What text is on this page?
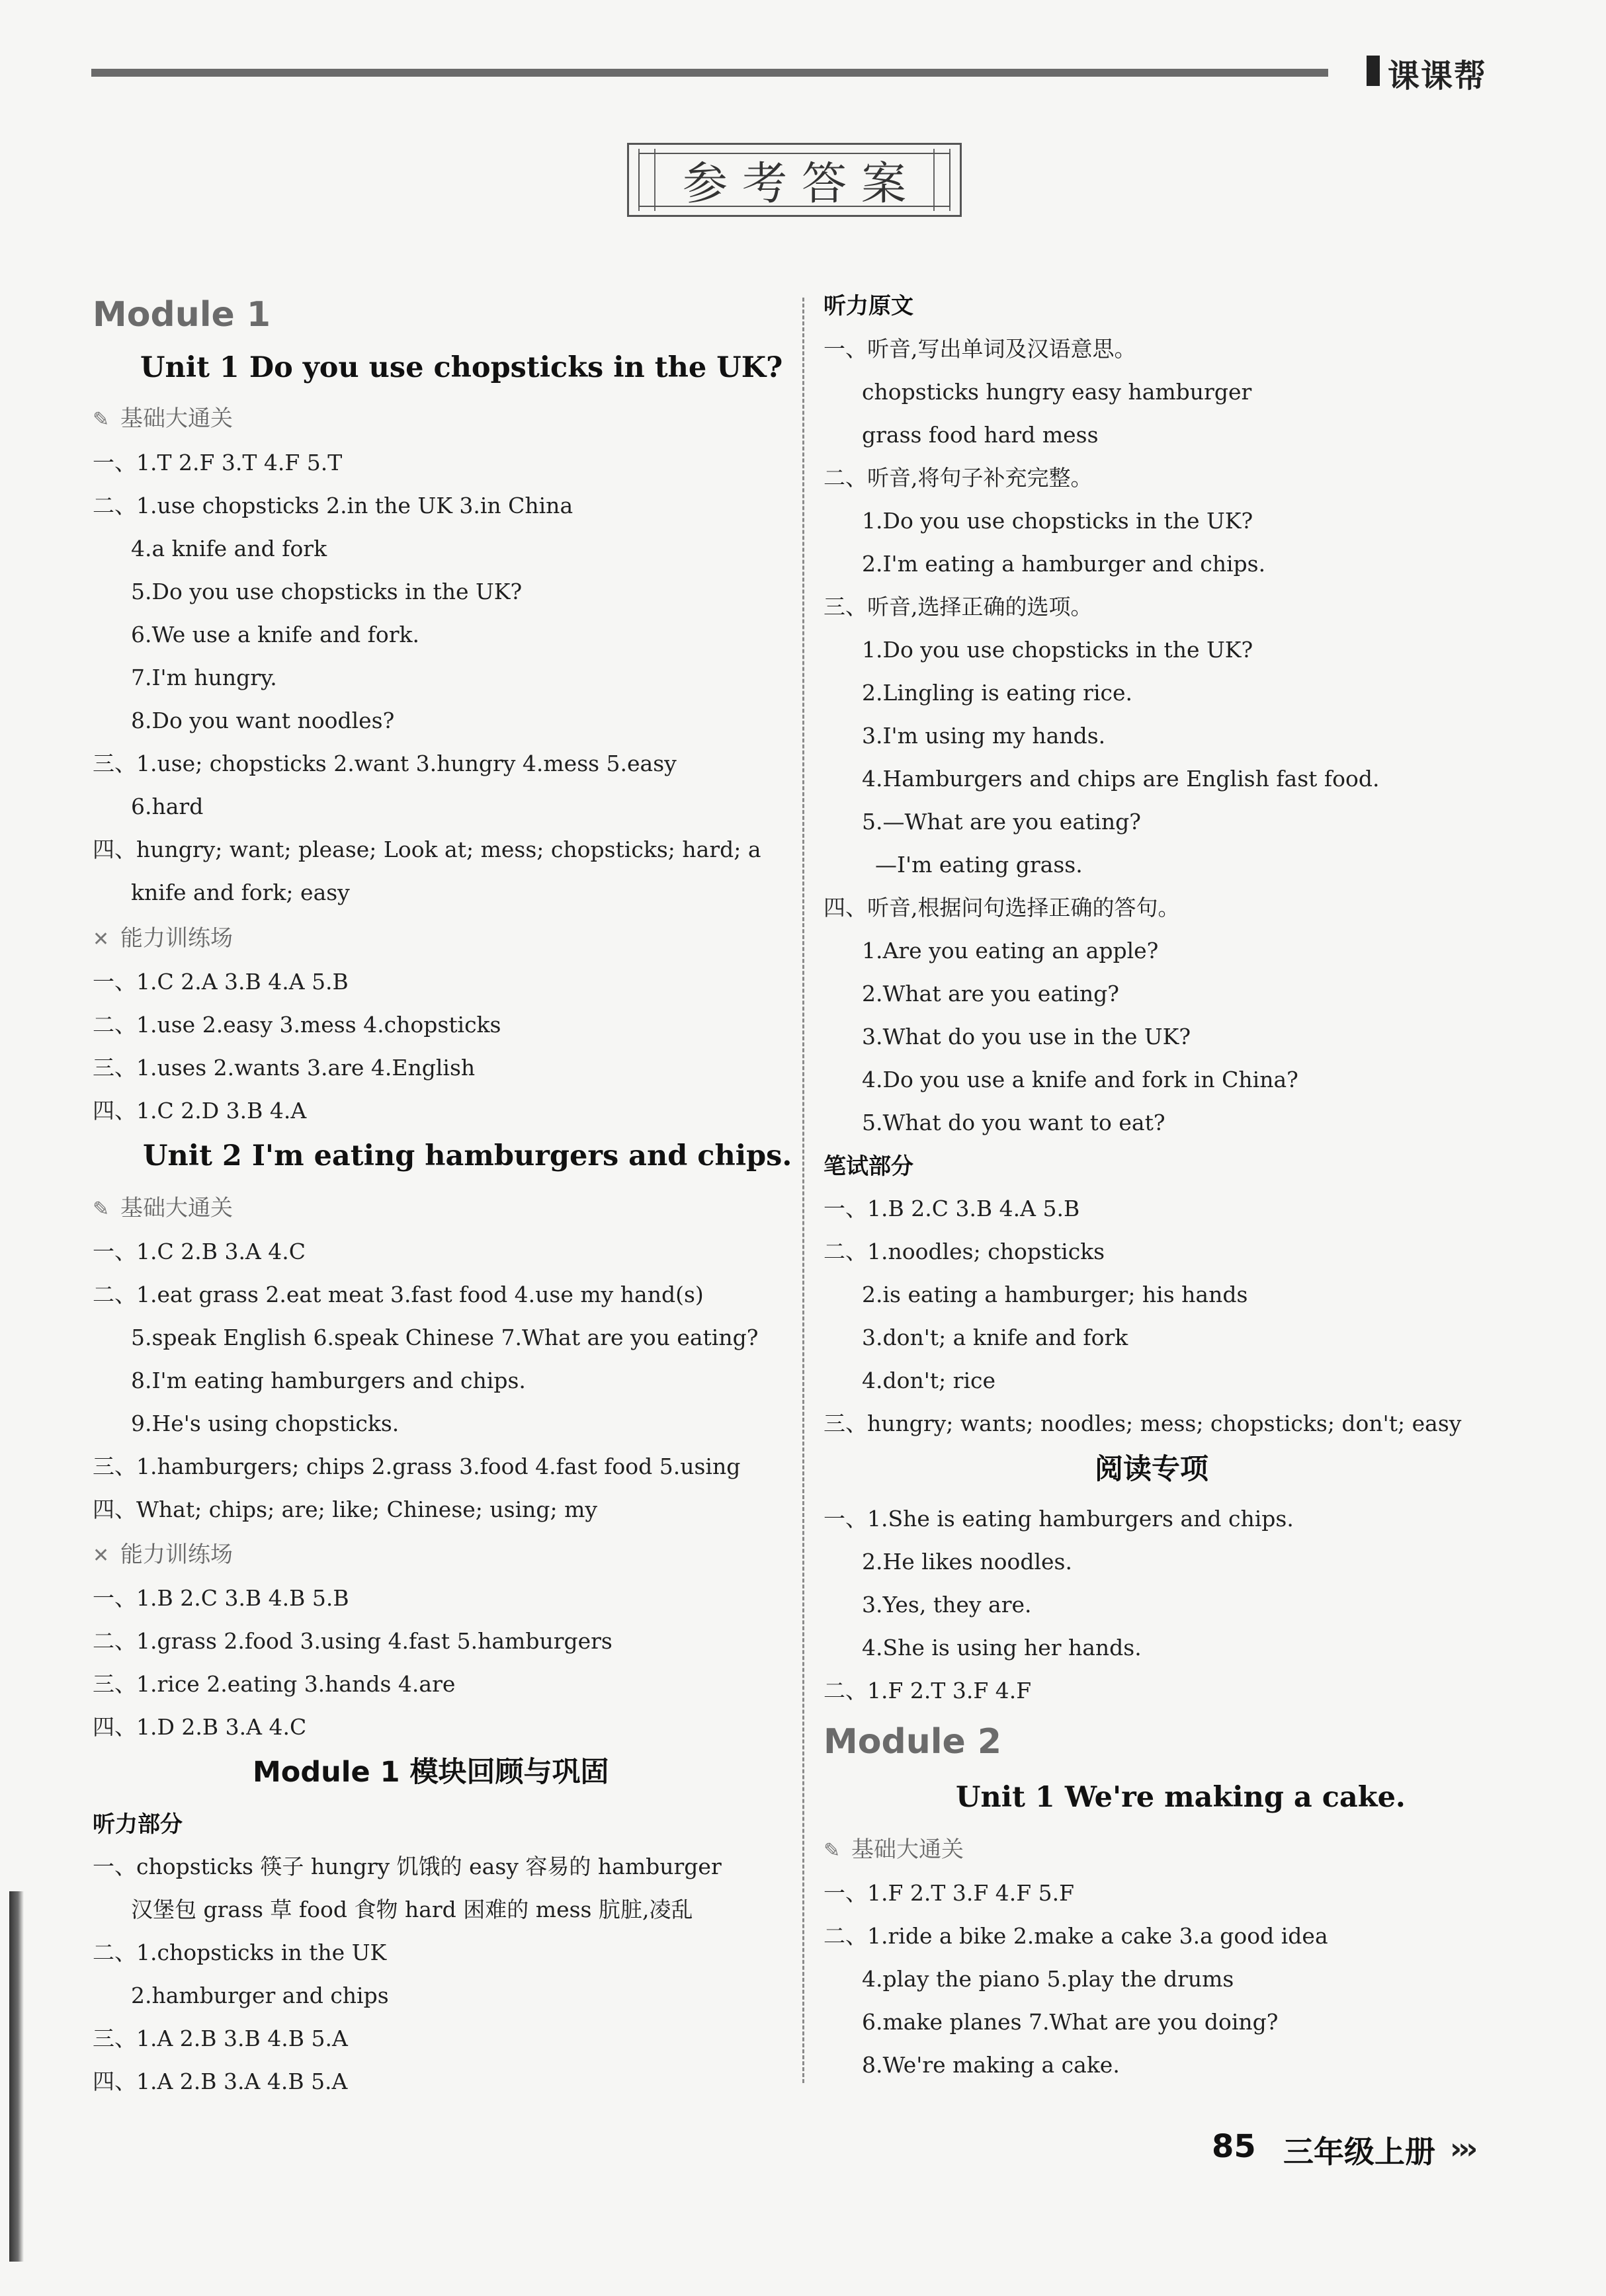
课课帮
参考答案
Module 1
Unit 1 Do you use chopsticks in the UK?
✎ 基础大通关
一、1.T 2.F 3.T 4.F 5.T
二、1.use chopsticks 2.in the UK 3.in China
4.a knife and fork
5.Do you use chopsticks in the UK?
6.We use a knife and fork.
7.I'm hungry.
8.Do you want noodles?
三、1.use; chopsticks 2.want 3.hungry 4.mess 5.easy
6.hard
四、hungry; want; please; Look at; mess; chopsticks; hard; a
knife and fork; easy
✕ 能力训练场
一、1.C 2.A 3.B 4.A 5.B
二、1.use 2.easy 3.mess 4.chopsticks
三、1.uses 2.wants 3.are 4.English
四、1.C 2.D 3.B 4.A
Unit 2 I'm eating hamburgers and chips.
✎ 基础大通关
一、1.C 2.B 3.A 4.C
二、1.eat grass 2.eat meat 3.fast food 4.use my hand(s)
5.speak English 6.speak Chinese 7.What are you eating?
8.I'm eating hamburgers and chips.
9.He's using chopsticks.
三、1.hamburgers; chips 2.grass 3.food 4.fast food 5.using
四、What; chips; are; like; Chinese; using; my
✕ 能力训练场
一、1.B 2.C 3.B 4.B 5.B
二、1.grass 2.food 3.using 4.fast 5.hamburgers
三、1.rice 2.eating 3.hands 4.are
四、1.D 2.B 3.A 4.C
Module 1 模块回顾与巩固
听力部分
一、chopsticks 筷子 hungry 饥饿的 easy 容易的 hamburger
汉堡包 grass 草 food 食物 hard 困难的 mess 肮脏,凌乱
二、1.chopsticks in the UK
2.hamburger and chips
三、1.A 2.B 3.B 4.B 5.A
四、1.A 2.B 3.A 4.B 5.A
听力原文
一、听音,写出单词及汉语意思。
chopsticks hungry easy hamburger
grass food hard mess
二、听音,将句子补充完整。
1.Do you use chopsticks in the UK?
2.I'm eating a hamburger and chips.
三、听音,选择正确的选项。
1.Do you use chopsticks in the UK?
2.Lingling is eating rice.
3.I'm using my hands.
4.Hamburgers and chips are English fast food.
5.—What are you eating?
—I'm eating grass.
四、听音,根据问句选择正确的答句。
1.Are you eating an apple?
2.What are you eating?
3.What do you use in the UK?
4.Do you use a knife and fork in China?
5.What do you want to eat?
笔试部分
一、1.B 2.C 3.B 4.A 5.B
二、1.noodles; chopsticks
2.is eating a hamburger; his hands
3.don't; a knife and fork
4.don't; rice
三、hungry; wants; noodles; mess; chopsticks; don't; easy
阅读专项
一、1.She is eating hamburgers and chips.
2.He likes noodles.
3.Yes, they are.
4.She is using her hands.
二、1.F 2.T 3.F 4.F
Module 2
Unit 1 We're making a cake.
✎ 基础大通关
一、1.F 2.T 3.F 4.F 5.F
二、1.ride a bike 2.make a cake 3.a good idea
4.play the piano 5.play the drums
6.make planes 7.What are you doing?
8.We're making a cake.
85 三年级上册 ›››
